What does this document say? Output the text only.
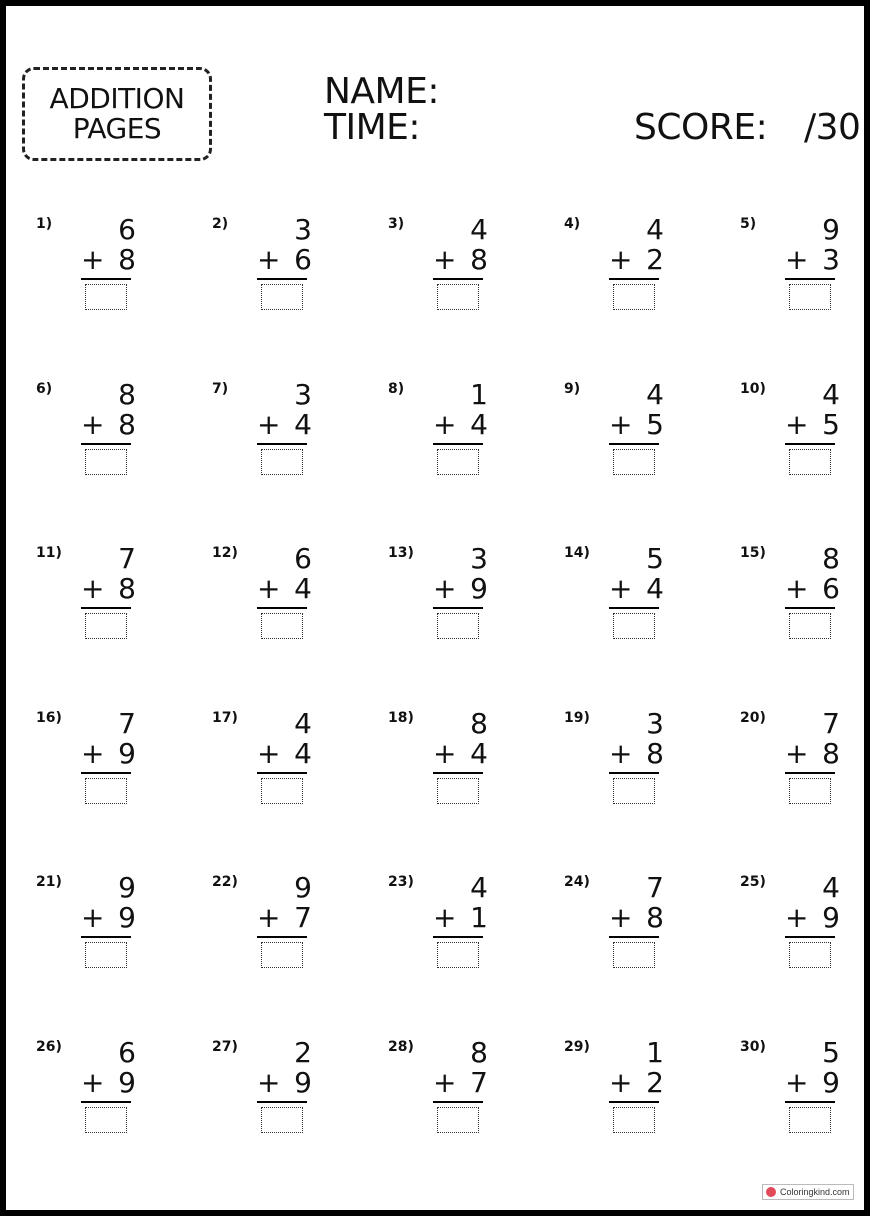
ADDITION
PAGES
NAME:
TIME:	SCORE: /30
1)	6
+ 8
2)	3
+ 6
3)	4
+ 8
4)	4
+ 2
5)	9
+ 3
6)	8
+ 8
7)	3
+ 4
8)	1
+ 4
9)	4
+ 5
10)	4
+ 5
11)	7
+ 8
12)	6
+ 4
13)	3
+ 9
14)	5
+ 4
15)	8
+ 6
16)	7
+ 9
17)	4
+ 4
18)	8
+ 4
19)	3
+ 8
20)	7
+ 8
21)	9
+ 9
22)	9
+ 7
23)	4
+ 1
24)	7
+ 8
25)	4
+ 9
26)	6
+ 9
27)	2
+ 9
28)	8
+ 7
29)	1
+ 2
30)	5
+ 9
Coloringkind.com
